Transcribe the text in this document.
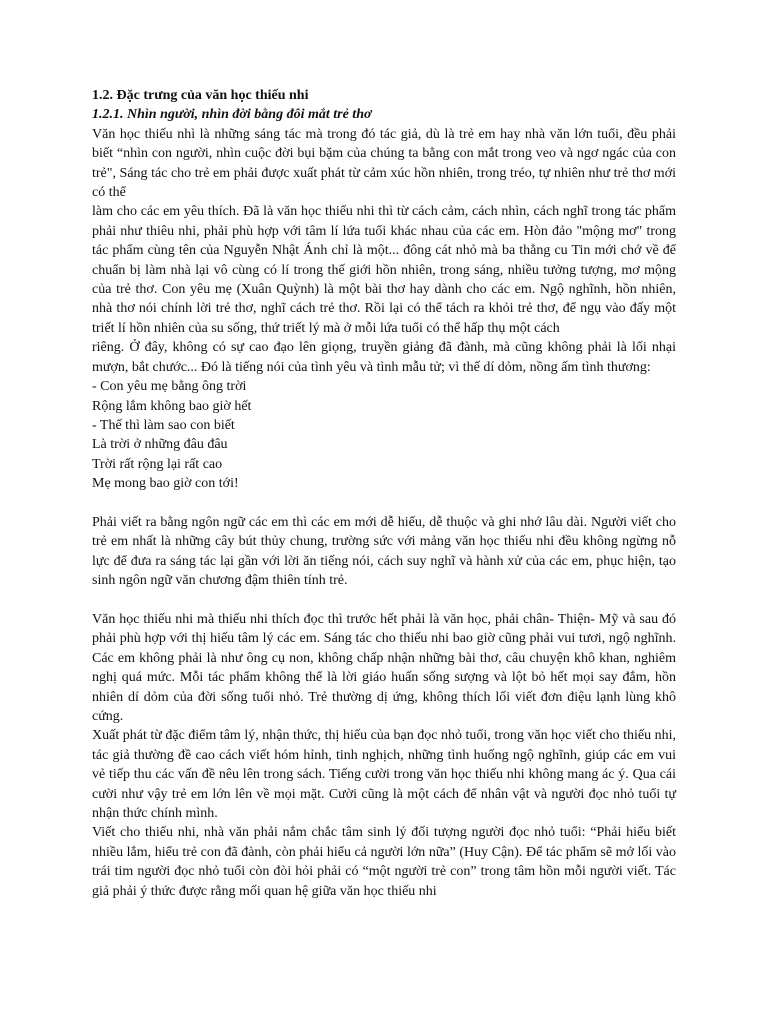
1.2. Đặc trưng của văn học thiếu nhi

1.2.1. Nhìn người, nhìn đời bằng đôi mắt trẻ thơ

Văn học thiếu nhì là những sáng tác mà trong đó tác giả, dù là trẻ em hay nhà văn lớn tuổi, đều phải biết “nhìn con người, nhìn cuộc đời bụi bặm của chúng ta bằng con mắt trong veo và ngơ ngác của con trẻ", Sáng tác cho trẻ em phải được xuất phát từ cảm xúc hồn nhiên, trong tréo, tự nhiên như trẻ thơ mới có thể

làm cho các em yêu thích. Đã là văn học thiếu nhi thì từ cách cảm, cách nhìn, cách nghĩ trong tác phẩm phải như thiêu nhi, phải phù hợp với tâm lí lứa tuổi khác nhau của các em. Hòn đảo "mộng mơ" trong tác phẩm cùng tên của Nguyễn Nhật Ánh chỉ là một... đông cát nhỏ mà ba thằng cu Tin mới chớ về để chuẩn bị làm nhà lại vô cùng có lí trong thế giới hồn nhiên, trong sáng, nhiều tưởng tượng, mơ mộng của trẻ thơ. Con yêu mẹ (Xuân Quỳnh) là một bài thơ hay dành cho các em. Ngộ nghĩnh, hồn nhiên, nhà thơ nói chính lời trẻ thơ, nghĩ cách trẻ thơ. Rồi lại có thể tách ra khỏi trẻ thơ, để ngụ vào đấy một triết lí hồn nhiên của su sống, thứ triết lý mà ở mỗi lứa tuổi có thể hấp thụ một cách

riêng. Ở đây, không có sự cao đạo lên giọng, truyền giảng đã đành, mà cũng không phải là lối nhại mượn, bắt chước... Đó là tiếng nói của tình yêu và tình mẫu tử; vì thế dí dỏm, nồng ấm tình thương:

- Con yêu mẹ bằng ông trời

Rộng lắm không bao giờ hết

- Thế thì làm sao con biết

Là trời ở những đâu đâu

Trời rất rộng lại rất cao

Mẹ mong bao giờ con tới!

Phải viết ra bằng ngôn ngữ các em thì các em mới dễ hiểu, dễ thuộc và ghi nhớ lâu dài. Người viết cho trẻ em nhất là những cây bút thủy chung, trường sức với mảng văn học thiếu nhi đều không ngừng nỗ lực để đưa ra sáng tác lại gần với lời ăn tiếng nói, cách suy nghĩ và hành xử của các em, phục hiện, tạo sinh ngôn ngữ văn chương đậm thiên tính trẻ.

Văn học thiếu nhi mà thiếu nhi thích đọc thì trước hết phải là văn học, phải chân- Thiện- Mỹ và sau đó phải phù hợp với thị hiếu tâm lý các em. Sáng tác cho thiếu nhi bao giờ cũng phải vui tươi, ngộ nghĩnh. Các em không phải là như ông cụ non, không chấp nhận những bài thơ, câu chuyện khô khan, nghiêm nghị quá mức. Mỗi tác phẩm không thể là lời giáo huấn sống sượng và lột bỏ hết mọi say đắm, hồn nhiên dí dỏm của đời sống tuổi nhỏ. Trẻ thường dị ứng, không thích lối viết đơn điệu lạnh lùng khô cứng.

Xuất phát từ đặc điểm tâm lý, nhận thức, thị hiếu của bạn đọc nhỏ tuổi, trong văn học viết cho thiếu nhi, tác giả thường đề cao cách viết hóm hỉnh, tinh nghịch, những tình huống ngộ nghĩnh, giúp các em vui vẻ tiếp thu các vấn đề nêu lên trong sách. Tiếng cười trong văn học thiếu nhi không mang ác ý. Qua cái cười như vậy trẻ em lớn lên về mọi mặt. Cười cũng là một cách để nhân vật và người đọc nhỏ tuổi tự nhận thức chính mình.

Viết cho thiếu nhi, nhà văn phải nắm chắc tâm sinh lý đối tượng người đọc nhỏ tuổi: “Phải hiểu biết nhiều lắm, hiểu trẻ con đã đành, còn phải hiểu cả người lớn nữa” (Huy Cận). Để tác phẩm sẽ mở lối vào trái tim người đọc nhỏ tuổi còn đòi hỏi phải có “một người trẻ con” trong tâm hồn mỗi người viết. Tác giả phải ý thức được rằng mối quan hệ giữa văn học thiếu nhi
